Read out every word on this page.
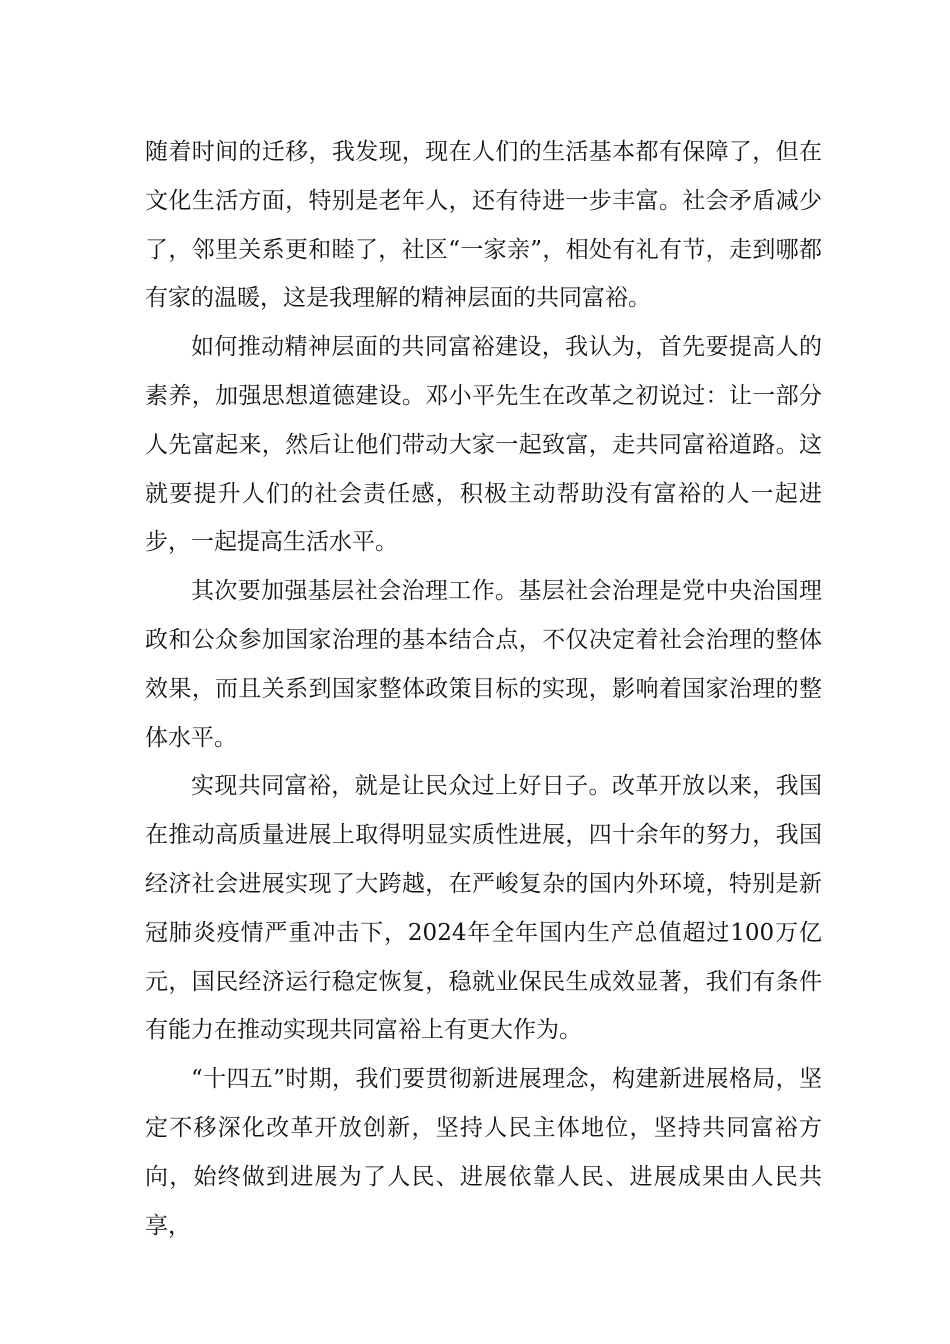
随着时间的迁移，我发现，现在人们的生活基本都有保障了，但在文化生活方面，特别是老年人，还有待进一步丰富。社会矛盾减少了，邻里关系更和睦了，社区“一家亲”，相处有礼有节，走到哪都有家的温暖，这是我理解的精神层面的共同富裕。

如何推动精神层面的共同富裕建设，我认为，首先要提高人的素养，加强思想道德建设。邓小平先生在改革之初说过：让一部分人先富起来，然后让他们带动大家一起致富，走共同富裕道路。这就要提升人们的社会责任感，积极主动帮助没有富裕的人一起进步，一起提高生活水平。

其次要加强基层社会治理工作。基层社会治理是党中央治国理政和公众参加国家治理的基本结合点，不仅决定着社会治理的整体效果，而且关系到国家整体政策目标的实现，影响着国家治理的整体水平。

实现共同富裕，就是让民众过上好日子。改革开放以来，我国在推动高质量进展上取得明显实质性进展，四十余年的努力，我国经济社会进展实现了大跨越，在严峻复杂的国内外环境，特别是新冠肺炎疫情严重冲击下，2024年全年国内生产总值超过100万亿元，国民经济运行稳定恢复，稳就业保民生成效显著，我们有条件有能力在推动实现共同富裕上有更大作为。

“十四五”时期，我们要贯彻新进展理念，构建新进展格局，坚定不移深化改革开放创新，坚持人民主体地位，坚持共同富裕方向，始终做到进展为了人民、进展依靠人民、进展成果由人民共享，
